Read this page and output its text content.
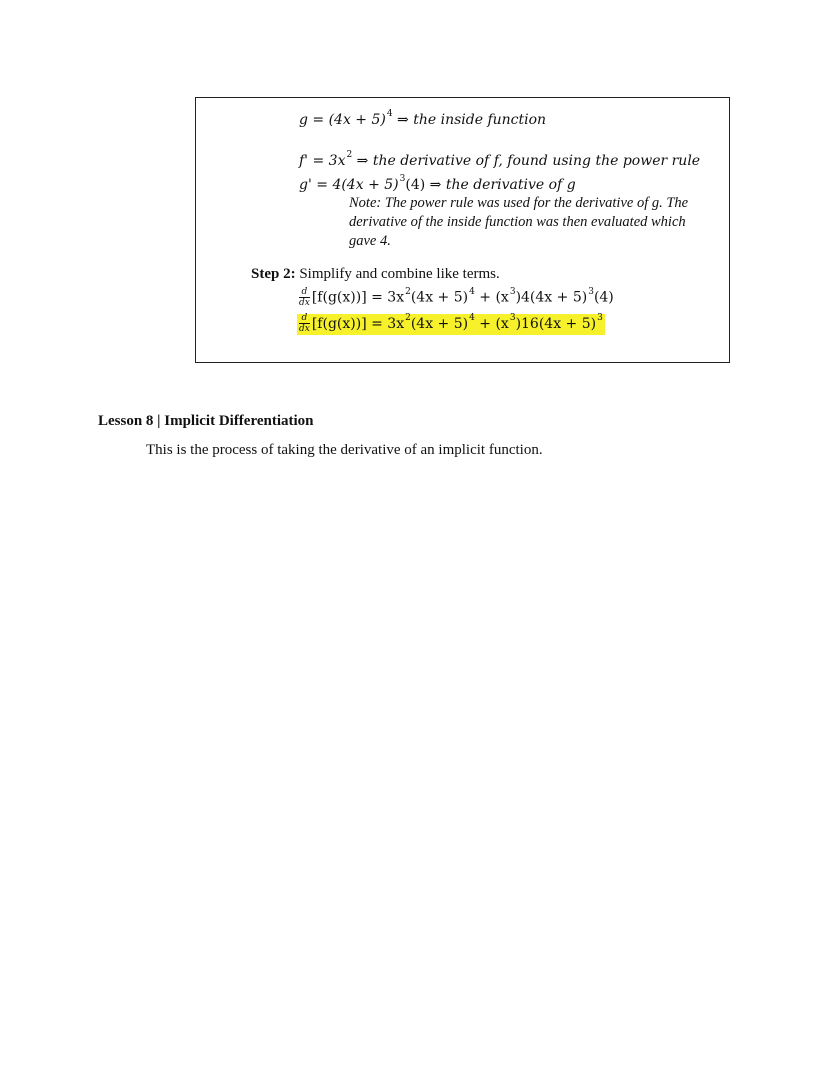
$g = (4x + 5)^4$ ⇒ the inside function
$f' = 3x^2$ ⇒ the derivative of f, found using the power rule
$g' = 4(4x + 5)^3(4)$ ⇒ the derivative of g
Note: The power rule was used for the derivative of g. The derivative of the inside function was then evaluated which gave 4.
Step 2: Simplify and combine like terms.
$\frac{d}{dx} [f(g(x))] = 3x^2(4x + 5)^4 + (x^3)4(4x + 5)^3(4)$
$\frac{d}{dx} [f(g(x))] = 3x^2(4x + 5)^4 + (x^3)16(4x + 5)^3$
Lesson 8 | Implicit Differentiation
This is the process of taking the derivative of an implicit function.
